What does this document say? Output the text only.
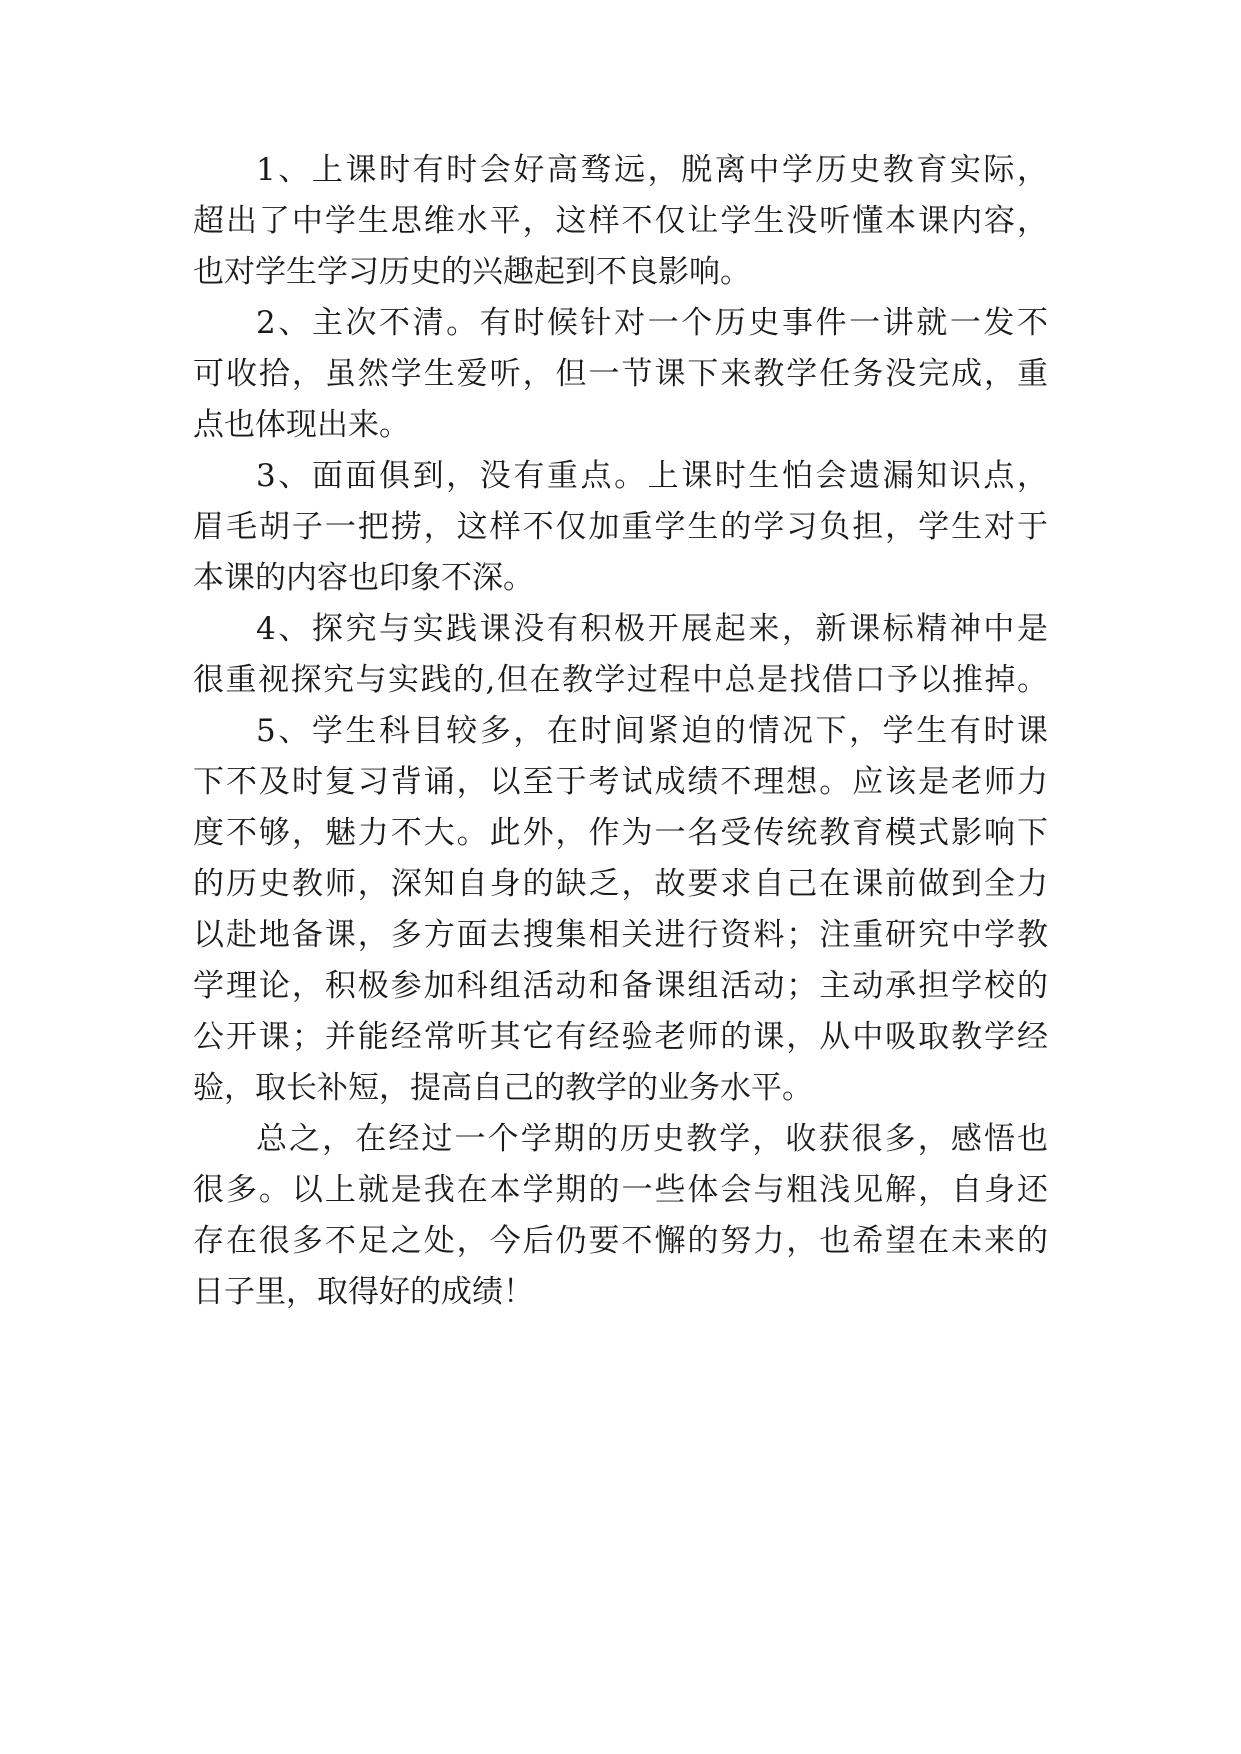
1、上课时有时会好高骛远，脱离中学历史教育实际，
超出了中学生思维水平，这样不仅让学生没听懂本课内容，
也对学生学习历史的兴趣起到不良影响。
2、主次不清。有时候针对一个历史事件一讲就一发不
可收拾，虽然学生爱听，但一节课下来教学任务没完成，重
点也体现出来。
3、面面俱到，没有重点。上课时生怕会遗漏知识点，
眉毛胡子一把捞，这样不仅加重学生的学习负担，学生对于
本课的内容也印象不深。
4、探究与实践课没有积极开展起来，新课标精神中是
很重视探究与实践的,但在教学过程中总是找借口予以推掉。
5、学生科目较多，在时间紧迫的情况下，学生有时课
下不及时复习背诵，以至于考试成绩不理想。应该是老师力
度不够，魅力不大。此外，作为一名受传统教育模式影响下
的历史教师，深知自身的缺乏，故要求自己在课前做到全力
以赴地备课，多方面去搜集相关进行资料；注重研究中学教
学理论，积极参加科组活动和备课组活动；主动承担学校的
公开课；并能经常听其它有经验老师的课，从中吸取教学经
验，取长补短，提高自己的教学的业务水平。
总之，在经过一个学期的历史教学，收获很多，感悟也
很多。以上就是我在本学期的一些体会与粗浅见解，自身还
存在很多不足之处，今后仍要不懈的努力，也希望在未来的
日子里，取得好的成绩！
